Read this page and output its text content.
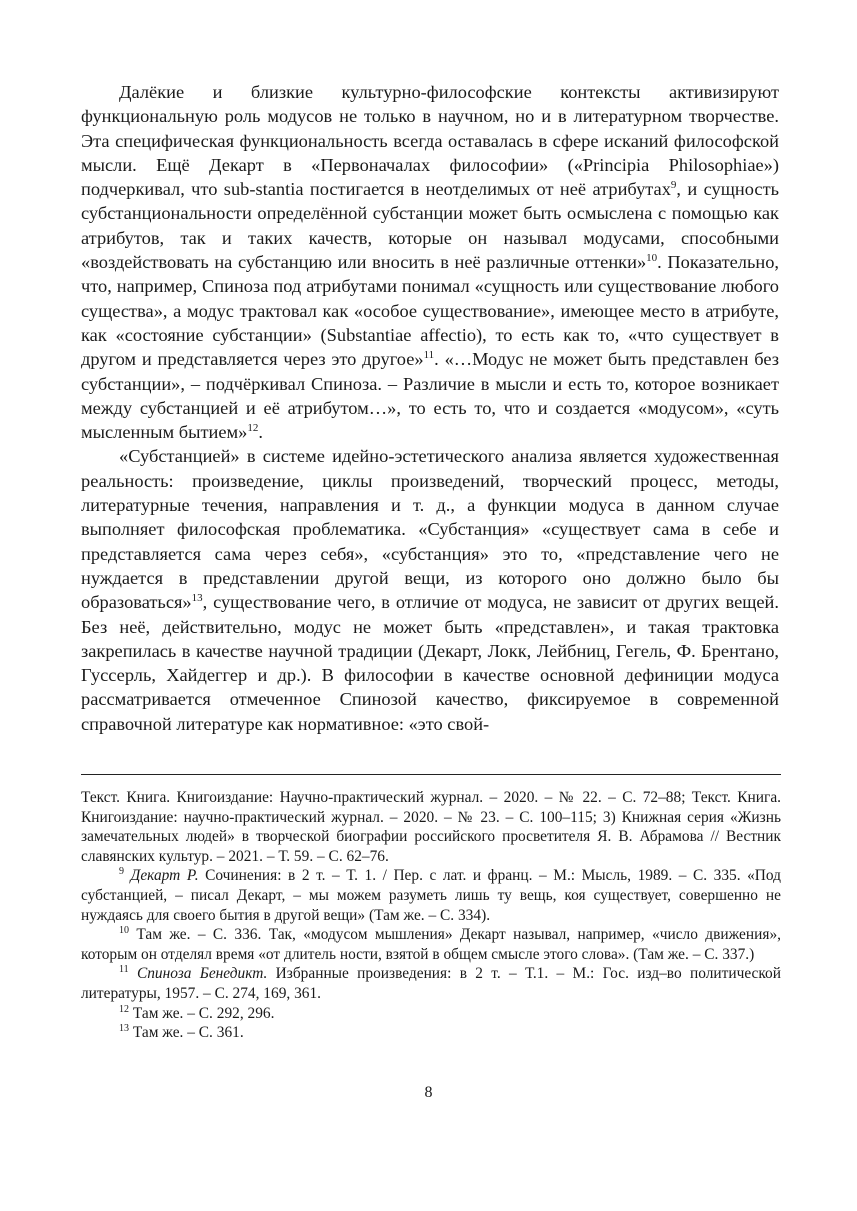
Далёкие и близкие культурно-философские контексты активизируют функциональную роль модусов не только в научном, но и в литературном творчестве. Эта специфическая функциональность всегда оставалась в сфере исканий философской мысли. Ещё Декарт в «Первоначалах философии» («Principia Philosophiae») подчеркивал, что sub-stantia постигается в неотделимых от неё атрибутах$^9$, и сущность субстанциональности определённой субстанции может быть осмыслена с помощью как атрибутов, так и таких качеств, которые он называл модусами, способными «воздействовать на субстанцию или вносить в неё различные оттенки»$^{10}$. Показательно, что, например, Спиноза под атрибутами понимал «сущность или существование любого существа», а модус трактовал как «особое существование», имеющее место в атрибуте, как «состояние субстанции» (Substantiae affectio), то есть как то, «что существует в другом и представляется через это другое»$^{11}$. «…Модус не может быть представлен без субстанции», – подчёркивал Спиноза. – Различие в мысли и есть то, которое возникает между субстанцией и её атрибутом…», то есть то, что и создается «модусом», «суть мысленным бытием»$^{12}$.

«Субстанцией» в системе идейно-эстетического анализа является художественная реальность: произведение, циклы произведений, творческий процесс, методы, литературные течения, направления и т. д., а функции модуса в данном случае выполняет философская проблематика. «Субстанция» «существует сама в себе и представляется сама через себя», «субстанция» это то, «представление чего не нуждается в представлении другой вещи, из которого оно должно было бы образоваться»$^{13}$, существование чего, в отличие от модуса, не зависит от других вещей. Без неё, действительно, модус не может быть «представлен», и такая трактовка закрепилась в качестве научной традиции (Декарт, Локк, Лейбниц, Гегель, Ф. Брентано, Гуссерль, Хайдеггер и др.). В философии в качестве основной дефиниции модуса рассматривается отмеченное Спинозой качество, фиксируемое в современной справочной литературе как нормативное: «это свой-

Текст. Книга. Книгоиздание: Научно-практический журнал. – 2020. – № 22. – С. 72–88; Текст. Книга. Книгоиздание: научно-практический журнал. – 2020. – № 23. – С. 100–115; 3) Книжная серия «Жизнь замечательных людей» в творческой биографии российского просветителя Я. В. Абрамова // Вестник славянских культур. – 2021. – Т. 59. – С. 62–76.

$^9$ Декарт Р. Сочинения: в 2 т. – Т. 1. / Пер. с лат. и франц. – М.: Мысль, 1989. – С. 335. «Под субстанцией, – писал Декарт, – мы можем разуметь лишь ту вещь, коя существует, совершенно не нуждаясь для своего бытия в другой вещи» (Там же. – С. 334).

$^{10}$ Там же. – С. 336. Так, «модусом мышления» Декарт называл, например, «число движения», которым он отделял время «от длитель ности, взятой в общем смысле этого слова». (Там же. – С. 337.)

$^{11}$ Спиноза Бенедикт. Избранные произведения: в 2 т. – Т.1. – М.: Гос. изд–во политической литературы, 1957. – С. 274, 169, 361.

$^{12}$ Там же. – С. 292, 296.

$^{13}$ Там же. – С. 361.

8
